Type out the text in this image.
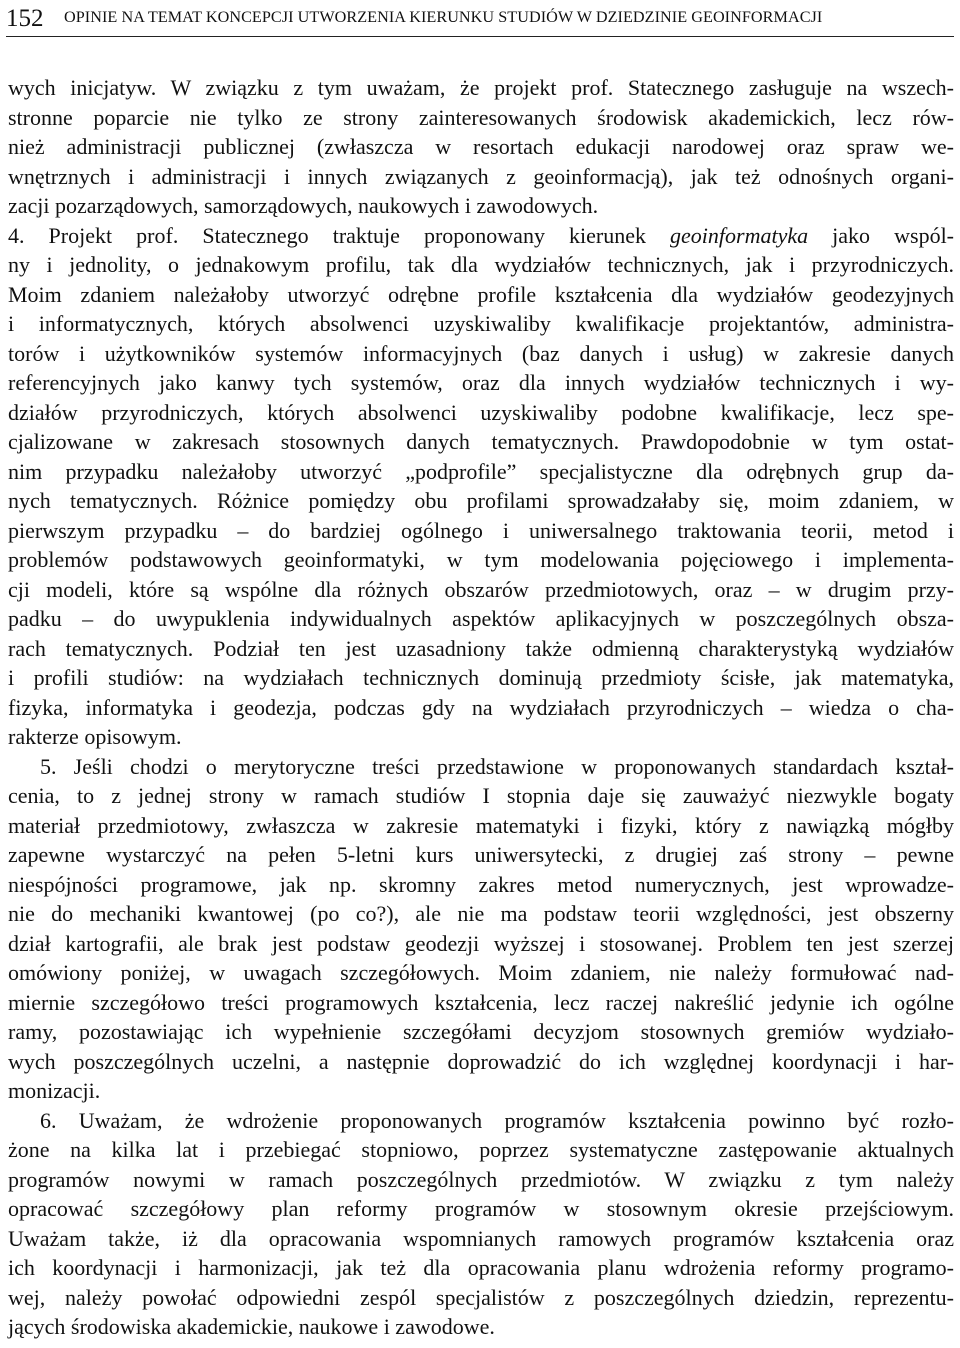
152	OPINIE NA TEMAT KONCEPCJI UTWORZENIA KIERUNKU STUDIÓW W DZIEDZINIE GEOINFORMACJI
wych inicjatyw. W związku z tym uważam, że projekt prof. Statecznego zasługuje na wszech-
stronne poparcie nie tylko ze strony zainteresowanych środowisk akademickich, lecz rów-
nież administracji publicznej (zwłaszcza w resortach edukacji narodowej oraz spraw we-
wnętrznych i administracji i innych związanych z geoinformacją), jak też odnośnych organi-
zacji pozarządowych, samorządowych, naukowych i zawodowych.
4. Projekt prof. Statecznego traktuje proponowany kierunek geoinformatyka jako wspól-
ny i jednolity, o jednakowym profilu, tak dla wydziałów technicznych, jak i przyrodniczych.
Moim zdaniem należałoby utworzyć odrębne profile kształcenia dla wydziałów geodezyjnych
i informatycznych, których absolwenci uzyskiwaliby kwalifikacje projektantów, administra-
torów i użytkowników systemów informacyjnych (baz danych i usług) w zakresie danych
referencyjnych jako kanwy tych systemów, oraz dla innych wydziałów technicznych i wy-
działów przyrodniczych, których absolwenci uzyskiwaliby podobne kwalifikacje, lecz spe-
cjalizowane w zakresach stosownych danych tematycznych. Prawdopodobnie w tym ostat-
nim przypadku należałoby utworzyć „podprofile” specjalistyczne dla odrębnych grup da-
nych tematycznych. Różnice pomiędzy obu profilami sprowadzałaby się, moim zdaniem, w
pierwszym przypadku – do bardziej ogólnego i uniwersalnego traktowania teorii, metod i
problemów podstawowych geoinformatyki, w tym modelowania pojęciowego i implementa-
cji modeli, które są wspólne dla różnych obszarów przedmiotowych, oraz – w drugim przy-
padku – do uwypuklenia indywidualnych aspektów aplikacyjnych w poszczególnych obsza-
rach tematycznych. Podział ten jest uzasadniony także odmienną charakterystyką wydziałów
i profili studiów: na wydziałach technicznych dominują przedmioty ścisłe, jak matematyka,
fizyka, informatyka i geodezja, podczas gdy na wydziałach przyrodniczych – wiedza o cha-
rakterze opisowym.
5. Jeśli chodzi o merytoryczne treści przedstawione w proponowanych standardach kształ-
cenia, to z jednej strony w ramach studiów I stopnia daje się zauważyć niezwykle bogaty
materiał przedmiotowy, zwłaszcza w zakresie matematyki i fizyki, który z nawiązką mógłby
zapewne wystarczyć na pełen 5-letni kurs uniwersytecki, z drugiej zaś strony – pewne
niespójności programowe, jak np. skromny zakres metod numerycznych, jest wprowadze-
nie do mechaniki kwantowej (po co?), ale nie ma podstaw teorii względności, jest obszerny
dział kartografii, ale brak jest podstaw geodezji wyższej i stosowanej. Problem ten jest szerzej
omówiony poniżej, w uwagach szczegółowych. Moim zdaniem, nie należy formułować nad-
miernie szczegółowo treści programowych kształcenia, lecz raczej nakreślić jedynie ich ogólne
ramy, pozostawiając ich wypełnienie szczegółami decyzjom stosownych gremiów wydziało-
wych poszczególnych uczelni, a następnie doprowadzić do ich względnej koordynacji i har-
monizacji.
6. Uważam, że wdrożenie proponowanych programów kształcenia powinno być rozło-
żone na kilka lat i przebiegać stopniowo, poprzez systematyczne zastępowanie aktualnych
programów nowymi w ramach poszczególnych przedmiotów. W związku z tym należy
opracować szczegółowy plan reformy programów w stosownym okresie przejściowym.
Uważam także, iż dla opracowania wspomnianych ramowych programów kształcenia oraz
ich koordynacji i harmonizacji, jak też dla opracowania planu wdrożenia reformy programo-
wej, należy powołać odpowiedni zespól specjalistów z poszczególnych dziedzin, reprezentu-
jących środowiska akademickie, naukowe i zawodowe.
